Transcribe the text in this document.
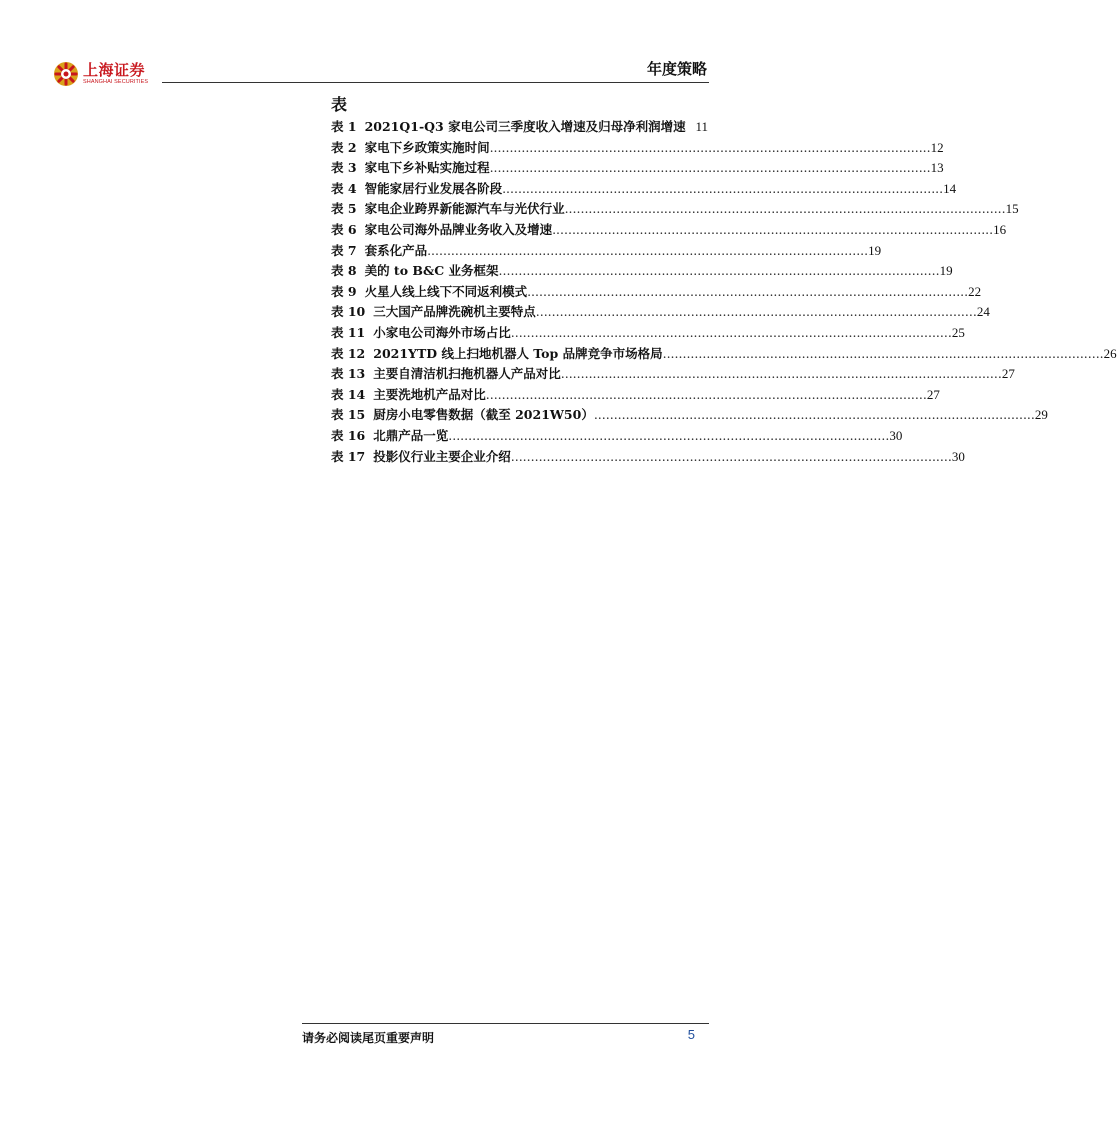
上海证券
SHANGHAI SECURITIES
年度策略
表
表 1 2021Q1-Q3 家电公司三季度收入增速及归母净利润增速 11
表 2 家电下乡政策实施时间 ............................................................................................................... 12
表 3 家电下乡补贴实施过程 ............................................................................................................... 13
表 4 智能家居行业发展各阶段 ............................................................................................................... 14
表 5 家电企业跨界新能源汽车与光伏行业 ............................................................................................................... 15
表 6 家电公司海外品牌业务收入及增速 ............................................................................................................... 16
表 7 套系化产品 ............................................................................................................... 19
表 8 美的 to B&C 业务框架 ............................................................................................................... 19
表 9 火星人线上线下不同返利模式 ............................................................................................................... 22
表 10 三大国产品牌洗碗机主要特点 ............................................................................................................... 24
表 11 小家电公司海外市场占比 ............................................................................................................... 25
表 12 2021YTD 线上扫地机器人 Top 品牌竞争市场格局 ............................................................................................................... 26
表 13 主要自清洁机扫拖机器人产品对比 ............................................................................................................... 27
表 14 主要洗地机产品对比 ............................................................................................................... 27
表 15 厨房小电零售数据（截至 2021W50） ............................................................................................................... 29
表 16 北鼎产品一览 ............................................................................................................... 30
表 17 投影仪行业主要企业介绍 ............................................................................................................... 30
请务必阅读尾页重要声明	5
